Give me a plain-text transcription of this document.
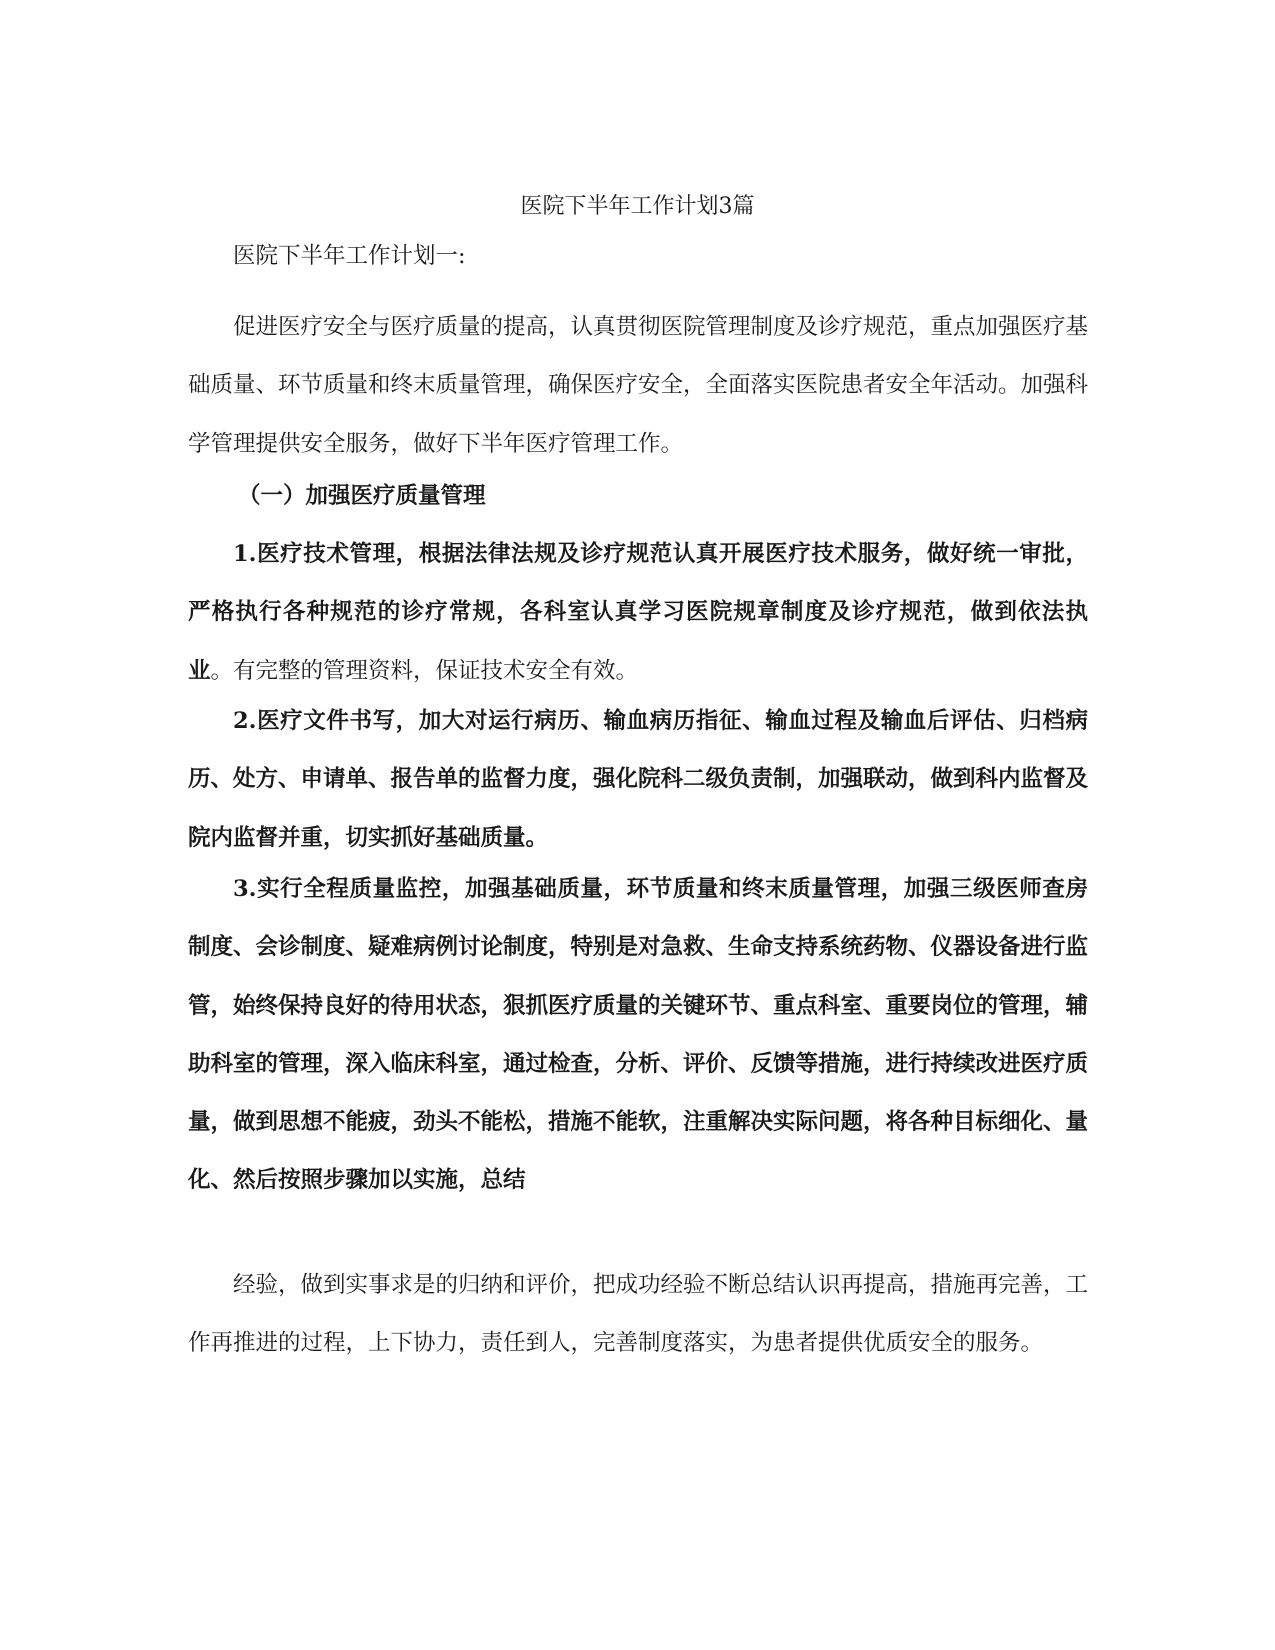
医院下半年工作计划3篇

医院下半年工作计划一:

促进医疗安全与医疗质量的提高，认真贯彻医院管理制度及诊疗规范，重点加强医疗基础质量、环节质量和终末质量管理，确保医疗安全，全面落实医院患者安全年活动。加强科学管理提供安全服务，做好下半年医疗管理工作。

（一）加强医疗质量管理

1.医疗技术管理，根据法律法规及诊疗规范认真开展医疗技术服务，做好统一审批，严格执行各种规范的诊疗常规，各科室认真学习医院规章制度及诊疗规范，做到依法执业。有完整的管理资料，保证技术安全有效。

2.医疗文件书写，加大对运行病历、输血病历指征、输血过程及输血后评估、归档病历、处方、申请单、报告单的监督力度，强化院科二级负责制，加强联动，做到科内监督及院内监督并重，切实抓好基础质量。

3.实行全程质量监控，加强基础质量，环节质量和终末质量管理，加强三级医师查房制度、会诊制度、疑难病例讨论制度，特别是对急救、生命支持系统药物、仪器设备进行监管，始终保持良好的待用状态，狠抓医疗质量的关键环节、重点科室、重要岗位的管理，辅助科室的管理，深入临床科室，通过检查，分析、评价、反馈等措施，进行持续改进医疗质量，做到思想不能疲，劲头不能松，措施不能软，注重解决实际问题，将各种目标细化、量化、然后按照步骤加以实施，总结

经验，做到实事求是的归纳和评价，把成功经验不断总结认识再提高，措施再完善，工作再推进的过程，上下协力，责任到人，完善制度落实，为患者提供优质安全的服务。
